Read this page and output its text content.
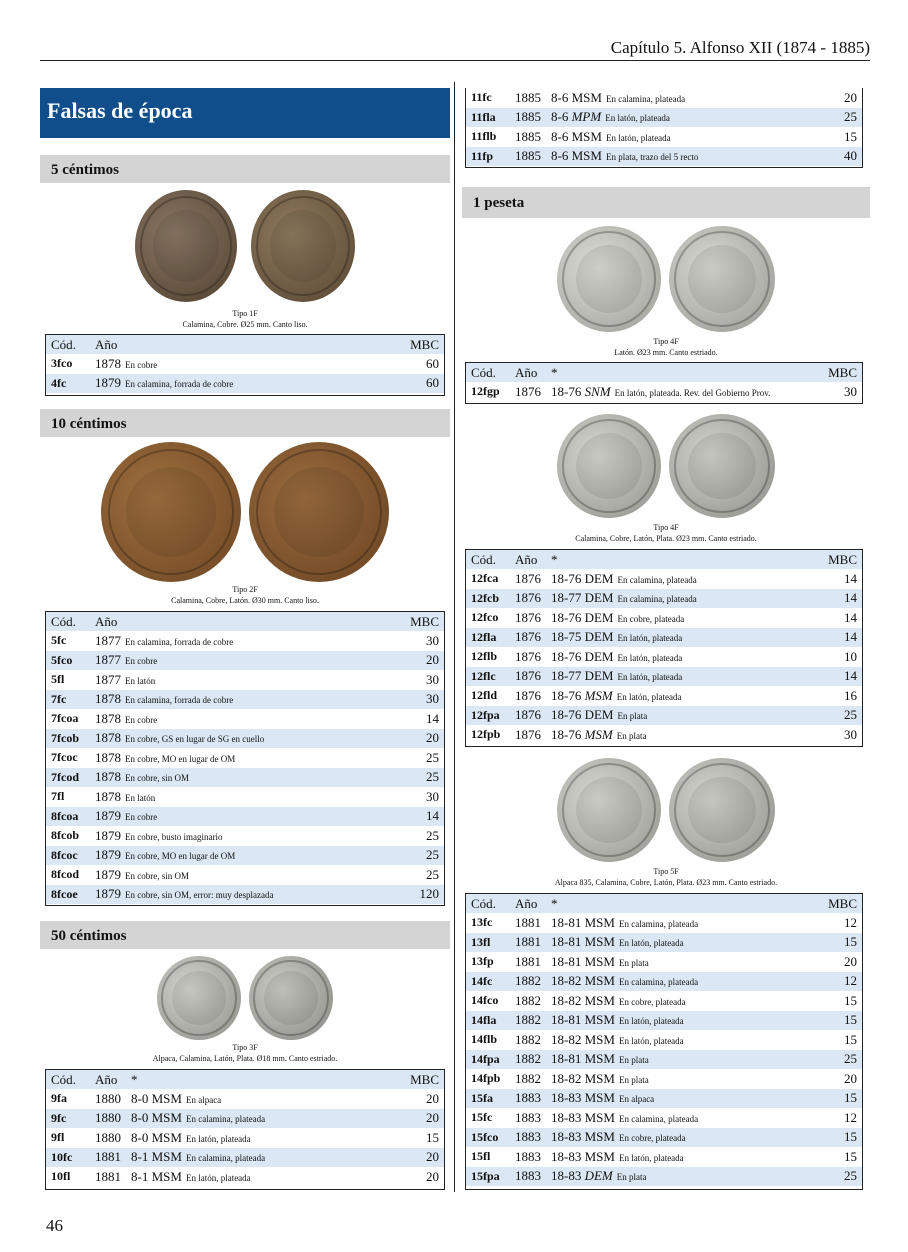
Capítulo 5. Alfonso XII (1874 - 1885)
Falsas de época
5 céntimos
Tipo 1F
Calamina, Cobre. Ø25 mm. Canto liso.
Cód.	Año	MBC
3fco	1878 En cobre	60
4fc	1879 En calamina, forrada de cobre	60
10 céntimos
Tipo 2F
Calamina, Cobre, Latón. Ø30 mm. Canto liso.
Cód.	Año	MBC
5fc	1877 En calamina, forrada de cobre	30
5fco	1877 En cobre	20
5fl	1877 En latón	30
7fc	1878 En calamina, forrada de cobre	30
7fcoa	1878 En cobre	14
7fcob	1878 En cobre, GS en lugar de SG en cuello	20
7fcoc	1878 En cobre, MO en lugar de OM	25
7fcod	1878 En cobre, sin OM	25
7fl	1878 En latón	30
8fcoa	1879 En cobre	14
8fcob	1879 En cobre, busto imaginario	25
8fcoc	1879 En cobre, MO en lugar de OM	25
8fcod	1879 En cobre, sin OM	25
8fcoe	1879 En cobre, sin OM, error: muy desplazada	120
50 céntimos
Tipo 3F
Alpaca, Calamina, Latón, Plata. Ø18 mm. Canto estriado.
Cód.	Año	*	MBC
9fa	1880	8-0 MSM En alpaca	20
9fc	1880	8-0 MSM En calamina, plateada	20
9fl	1880	8-0 MSM En latón, plateada	15
10fc	1881	8-1 MSM En calamina, plateada	20
10fl	1881	8-1 MSM En latón, plateada	20
11fc	1885	8-6 MSM En calamina, plateada	20
11fla	1885	8-6 MPM En latón, plateada	25
11flb	1885	8-6 MSM En latón, plateada	15
11fp	1885	8-6 MSM En plata, trazo del 5 recto	40
1 peseta
Tipo 4F
Latón. Ø23 mm. Canto estriado.
Cód.	Año	*	MBC
12fgp	1876	18-76 SNM En latón, plateada. Rev. del Gobierno Prov.	30
Tipo 4F
Calamina, Cobre, Latón, Plata. Ø23 mm. Canto estriado.
Cód.	Año	*	MBC
12fca	1876	18-76 DEM En calamina, plateada	14
12fcb	1876	18-77 DEM En calamina, plateada	14
12fco	1876	18-76 DEM En cobre, plateada	14
12fla	1876	18-75 DEM En latón, plateada	14
12flb	1876	18-76 DEM En latón, plateada	10
12flc	1876	18-77 DEM En latón, plateada	14
12fld	1876	18-76 MSM En latón, plateada	16
12fpa	1876	18-76 DEM En plata	25
12fpb	1876	18-76 MSM En plata	30
Tipo 5F
Alpaca 835, Calamina, Cobre, Latón, Plata. Ø23 mm. Canto estriado.
Cód.	Año	*	MBC
13fc	1881	18-81 MSM En calamina, plateada	12
13fl	1881	18-81 MSM En latón, plateada	15
13fp	1881	18-81 MSM En plata	20
14fc	1882	18-82 MSM En calamina, plateada	12
14fco	1882	18-82 MSM En cobre, plateada	15
14fla	1882	18-81 MSM En latón, plateada	15
14flb	1882	18-82 MSM En latón, plateada	15
14fpa	1882	18-81 MSM En plata	25
14fpb	1882	18-82 MSM En plata	20
15fa	1883	18-83 MSM En alpaca	15
15fc	1883	18-83 MSM En calamina, plateada	12
15fco	1883	18-83 MSM En cobre, plateada	15
15fl	1883	18-83 MSM En latón, plateada	15
15fpa	1883	18-83 DEM En plata	25
46
